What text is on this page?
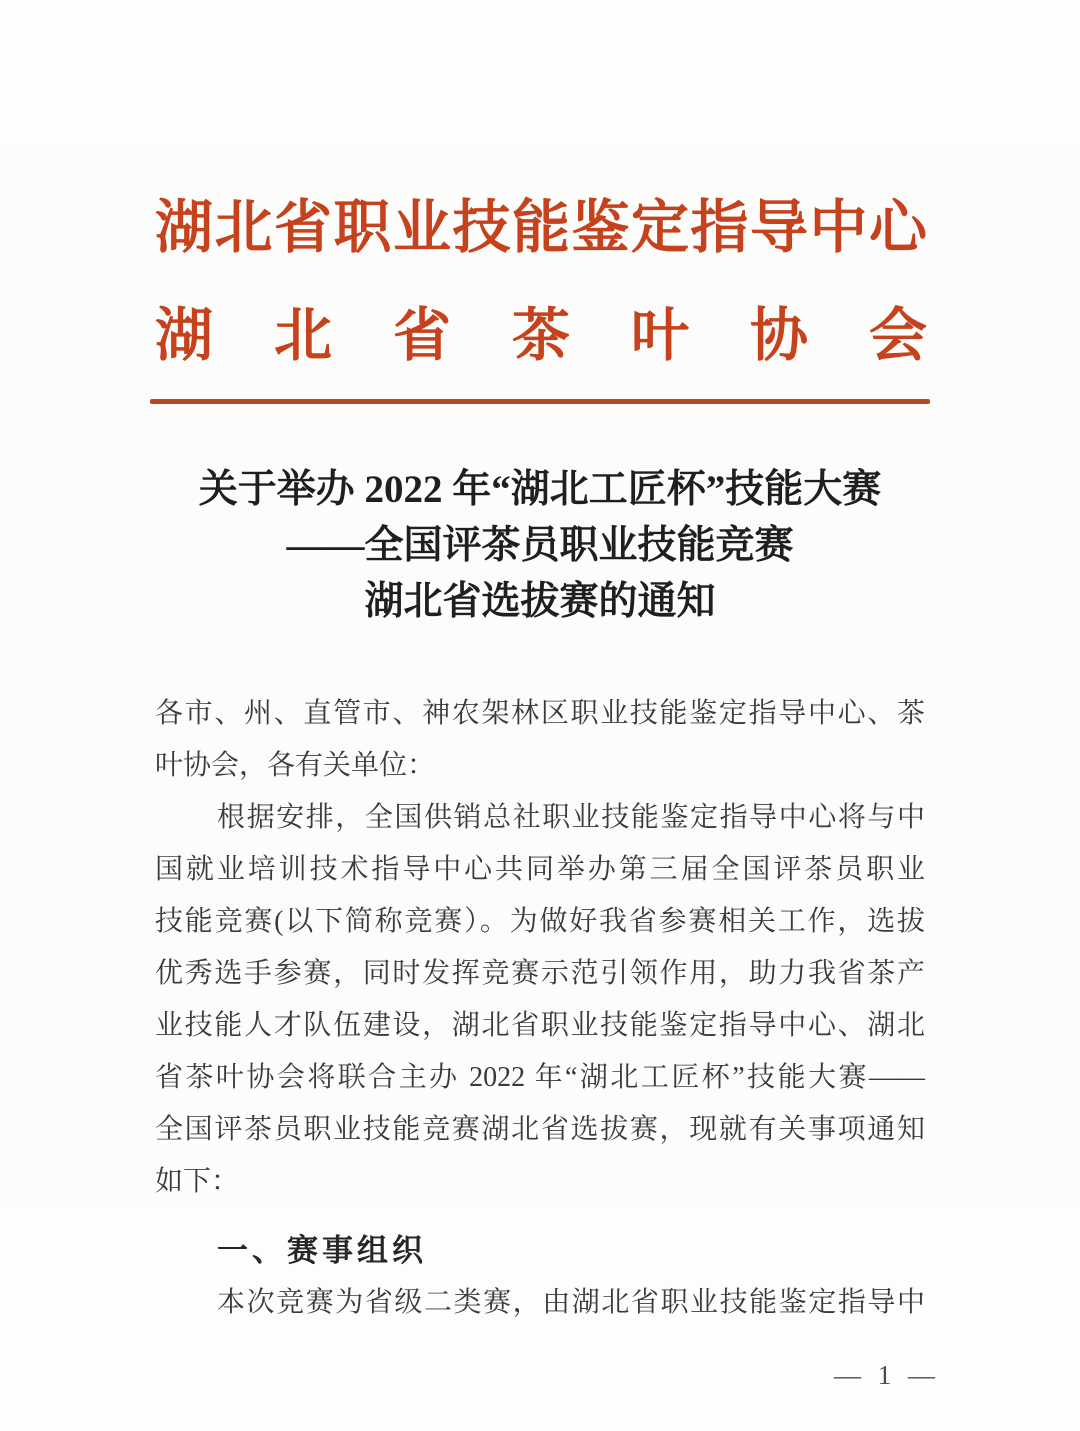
湖北省职业技能鉴定指导中心
湖北省茶叶协会
关于举办 2022 年“湖北工匠杯”技能大赛
——全国评茶员职业技能竞赛
湖北省选拔赛的通知
各市、州、直管市、神农架林区职业技能鉴定指导中心、茶
叶协会，各有关单位：
根据安排，全国供销总社职业技能鉴定指导中心将与中
国就业培训技术指导中心共同举办第三届全国评茶员职业
技能竞赛(以下简称竞赛）。为做好我省参赛相关工作，选拔
优秀选手参赛，同时发挥竞赛示范引领作用，助力我省茶产
业技能人才队伍建设，湖北省职业技能鉴定指导中心、湖北
省茶叶协会将联合主办 2022 年“湖北工匠杯”技能大赛——
全国评茶员职业技能竞赛湖北省选拔赛，现就有关事项通知
如下：
一、赛事组织
本次竞赛为省级二类赛，由湖北省职业技能鉴定指导中
— 1 —
